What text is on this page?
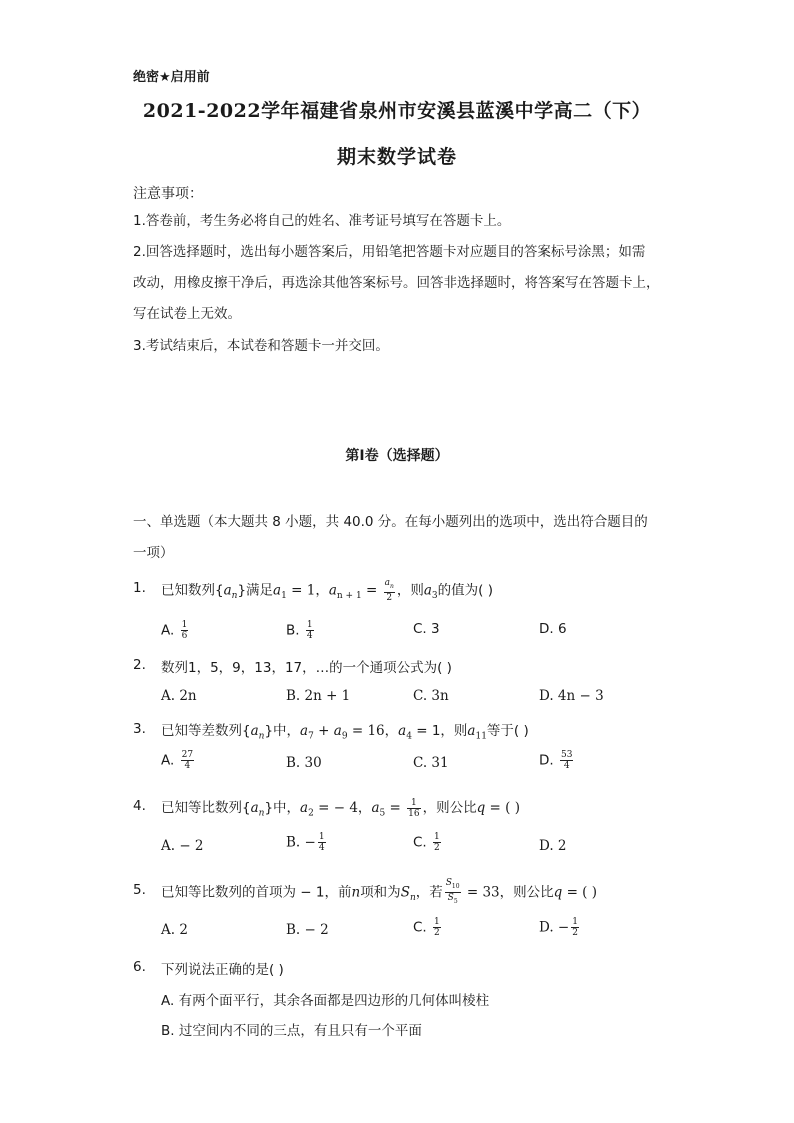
绝密★启用前
2021-2022学年福建省泉州市安溪县蓝溪中学高二（下）
期末数学试卷
注意事项：
1.答卷前，考生务必将自己的姓名、准考证号填写在答题卡上。
2.回答选择题时，选出每小题答案后，用铅笔把答题卡对应题目的答案标号涂黑；如需
改动，用橡皮擦干净后，再选涂其他答案标号。回答非选择题时，将答案写在答题卡上，
写在试卷上无效。
3.考试结束后，本试卷和答题卡一并交回。
第Ⅰ卷（选择题）
一、单选题（本大题共 8 小题，共 40.0 分。在每小题列出的选项中，选出符合题目的
一项）
1. 已知数列$\{a_n\}$满足$a_1 = 1$，$a_{n + 1} = \frac{a_n}{2}$ ，则$a_3$的值为( )
A. $\frac{1}{6}$	B. $\frac{1}{4}$	C. 3	D. 6
2. 数列1，5，9，13，17，…的一个通项公式为( )
A. 2n	B. 2n + 1	C. 3n	D. 4n − 3
3. 已知等差数列$\{a_n\}$中，$a_7 + a_9 = 16$，$a_4 = 1$，则$a_{11}$等于( )
A. $\frac{27}{4}$	B. 30	C. 31	D. $\frac{53}{4}$
4. 已知等比数列$\{a_n\}$中，$a_2$ = − 4，$a_5 = \frac{1}{16}$ ，则公比q = ( )
A. − 2	B. − $\frac{1}{4}$	C. $\frac{1}{2}$	D. 2
5. 已知等比数列的首项为 − 1，前n项和为$S_n$，若 $\frac{S_{10}}{S_5} = 33$，则公比q = ( )
A. 2	B. − 2	C. $\frac{1}{2}$	D. − $\frac{1}{2}$
6. 下列说法正确的是( )
A. 有两个面平行，其余各面都是四边形的几何体叫棱柱
B. 过空间内不同的三点，有且只有一个平面
